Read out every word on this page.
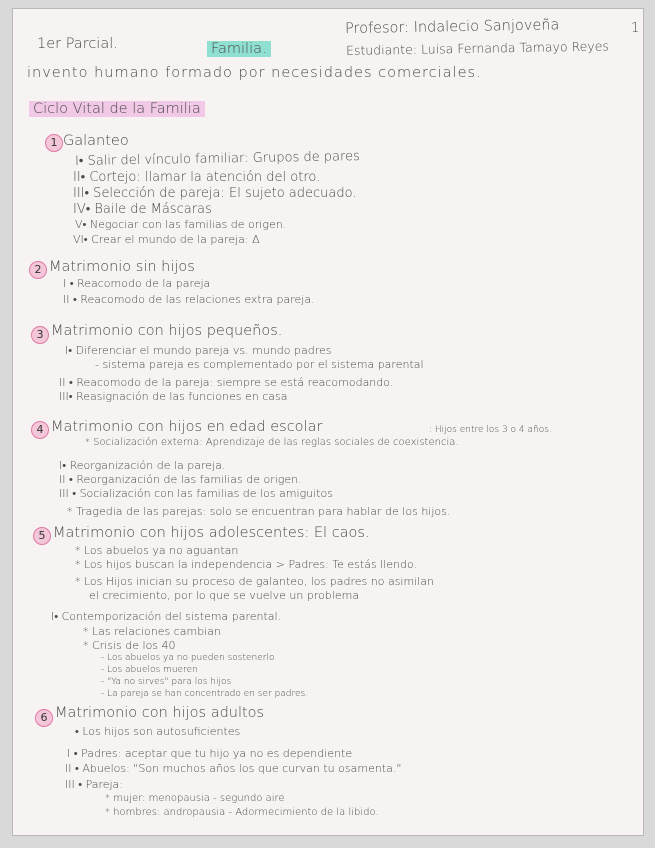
1
1er Parcial.	Familia.
Profesor: Indalecio Sanjoveña
Estudiante: Luisa Fernanda Tamayo Reyes
invento humano formado por necesidades comerciales.
Ciclo Vital de la Familia
1 Galanteo
I• Salir del vínculo familiar: Grupos de pares
II• Cortejo: llamar la atención del otro.
III• Selección de pareja: El sujeto adecuado.
IV• Baile de Máscaras
V• Negociar con las familias de origen.
VI• Crear el mundo de la pareja: Δ
2 Matrimonio sin hijos
I • Reacomodo de la pareja
II • Reacomodo de las relaciones extra pareja.
3 Matrimonio con hijos pequeños.
I• Diferenciar el mundo pareja vs. mundo padres
- sistema pareja es complementado por el sistema parental
II • Reacomodo de la pareja: siempre se está reacomodando.
III• Reasignación de las funciones en casa
4 Matrimonio con hijos en edad escolar	: Hijos entre los 3 o 4 años.
* Socialización externa: Aprendizaje de las reglas sociales de coexistencia.
I• Reorganización de la pareja.
II • Reorganización de las familias de origen.
III • Socialización con las familias de los amiguitos
* Tragedia de las parejas: solo se encuentran para hablar de los hijos.
5 Matrimonio con hijos adolescentes: El caos.
* Los abuelos ya no aguantan
* Los hijos buscan la independencia > Padres: Te estás llendo.
* Los Hijos inician su proceso de galanteo, los padres no asimilan
el crecimiento, por lo que se vuelve un problema
I• Contemporización del sistema parental.
* Las relaciones cambian
* Crisis de los 40
- Los abuelos ya no pueden sostenerlo
- Los abuelos mueren
- "Ya no sirves" para los hijos
- La pareja se han concentrado en ser padres.
6 Matrimonio con hijos adultos
• Los hijos son autosuficientes
I • Padres: aceptar que tu hijo ya no es dependiente
II • Abuelos: "Son muchos años los que curvan tu osamenta."
III • Pareja:
* mujer: menopausia - segundo aire
* hombres: andropausia - Adormecimiento de la libido.
